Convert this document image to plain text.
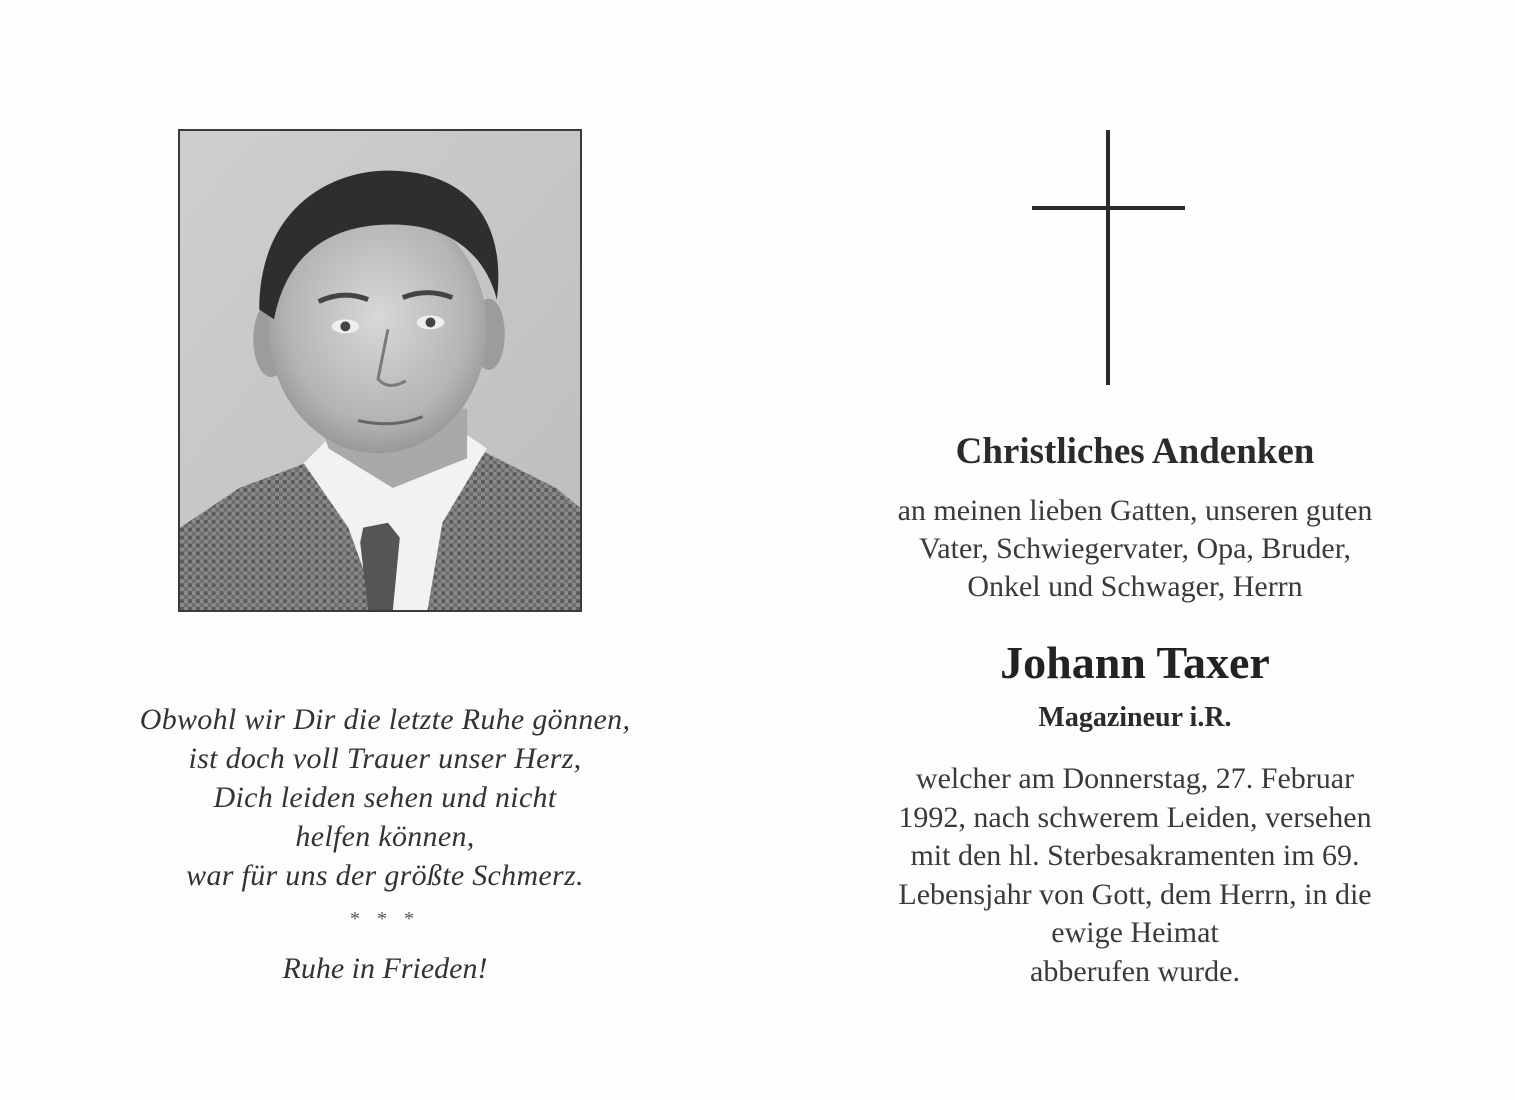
Obwohl wir Dir die letzte Ruhe gönnen,
ist doch voll Trauer unser Herz,
Dich leiden sehen und nicht
helfen können,
war für uns der größte Schmerz.
* * *
Ruhe in Frieden!
Christliches Andenken
an meinen lieben Gatten, unseren guten
Vater, Schwiegervater, Opa, Bruder,
Onkel und Schwager, Herrn
Johann Taxer
Magazineur i.R.
welcher am Donnerstag, 27. Februar
1992, nach schwerem Leiden, versehen
mit den hl. Sterbesakramenten im 69.
Lebensjahr von Gott, dem Herrn, in die
ewige Heimat
abberufen wurde.
